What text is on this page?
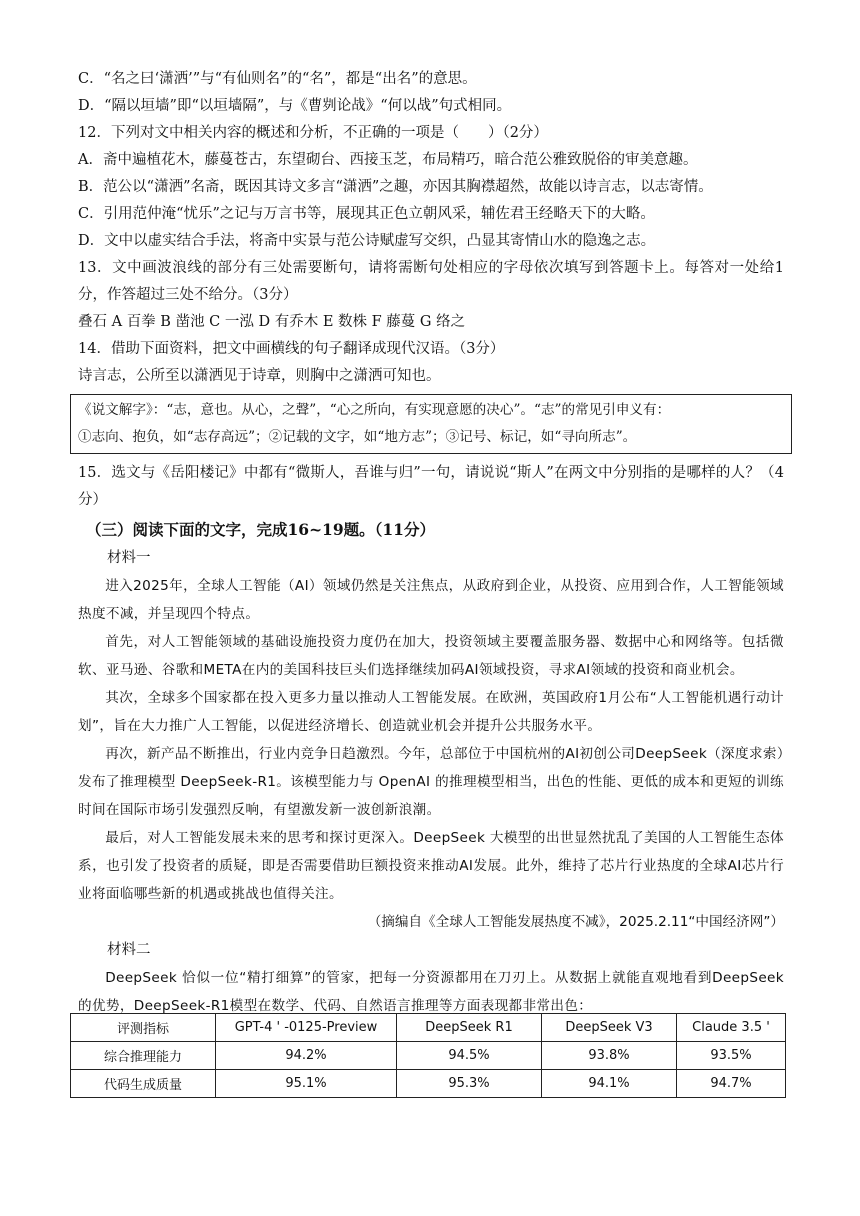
C．“名之曰‘潇洒’”与“有仙则名”的“名”，都是“出名”的意思。

D．“隔以垣墙”即“以垣墙隔”，与《曹刿论战》“何以战”句式相同。

12．下列对文中相关内容的概述和分析，不正确的一项是（　　）（2分）

A．斋中遍植花木，藤蔓苍古，东望砌台、西接玉芝，布局精巧，暗合范公雅致脱俗的审美意趣。

B．范公以“潇洒”名斋，既因其诗文多言“潇洒”之趣，亦因其胸襟超然，故能以诗言志，以志寄情。

C．引用范仲淹“忧乐”之记与万言书等，展现其正色立朝风采，辅佐君王经略天下的大略。

D．文中以虚实结合手法，将斋中实景与范公诗赋虚写交织，凸显其寄情山水的隐逸之志。

13．文中画波浪线的部分有三处需要断句，请将需断句处相应的字母依次填写到答题卡上。每答对一处给1分，作答超过三处不给分。（3分）

叠石 A 百拳 B 凿池 C 一泓 D 有乔木 E 数株 F 藤蔓 G 络之

14．借助下面资料，把文中画横线的句子翻译成现代汉语。（3分）

诗言志，公所至以潇洒见于诗章，则胸中之潇洒可知也。

《说文解字》：“志，意也。从心，之聲”，“心之所向，有实现意愿的决心”。“志”的常见引申义有：

①志向、抱负，如“志存高远”；②记载的文字，如“地方志”；③记号、标记，如“寻向所志”。

15．选文与《岳阳楼记》中都有“微斯人，吾谁与归”一句，请说说“斯人”在两文中分别指的是哪样的人？（4分）

（三）阅读下面的文字，完成16~19题。（11分）

材料一

进入2025年，全球人工智能（AI）领域仍然是关注焦点，从政府到企业，从投资、应用到合作，人工智能领域热度不减，并呈现四个特点。

首先，对人工智能领域的基础设施投资力度仍在加大，投资领域主要覆盖服务器、数据中心和网络等。包括微软、亚马逊、谷歌和META在内的美国科技巨头们选择继续加码AI领域投资，寻求AI领域的投资和商业机会。

其次，全球多个国家都在投入更多力量以推动人工智能发展。在欧洲，英国政府1月公布“人工智能机遇行动计划”，旨在大力推广人工智能，以促进经济增长、创造就业机会并提升公共服务水平。

再次，新产品不断推出，行业内竞争日趋激烈。今年，总部位于中国杭州的AI初创公司DeepSeek（深度求索）发布了推理模型 DeepSeek-R1。该模型能力与 OpenAI 的推理模型相当，出色的性能、更低的成本和更短的训练时间在国际市场引发强烈反响，有望激发新一波创新浪潮。

最后，对人工智能发展未来的思考和探讨更深入。DeepSeek 大模型的出世显然扰乱了美国的人工智能生态体系，也引发了投资者的质疑，即是否需要借助巨额投资来推动AI发展。此外，维持了芯片行业热度的全球AI芯片行业将面临哪些新的机遇或挑战也值得关注。

（摘编自《全球人工智能发展热度不减》，2025.2.11“中国经济网”）

材料二

DeepSeek 恰似一位“精打细算”的管家，把每一分资源都用在刀刃上。从数据上就能直观地看到DeepSeek 的优势，DeepSeek-R1模型在数学、代码、自然语言推理等方面表现都非常出色：

评测指标	GPT-4 ' -0125-Preview	DeepSeek R1	DeepSeek V3	Claude 3.5 '
综合推理能力	94.2%	94.5%	93.8%	93.5%
代码生成质量	95.1%	95.3%	94.1%	94.7%
